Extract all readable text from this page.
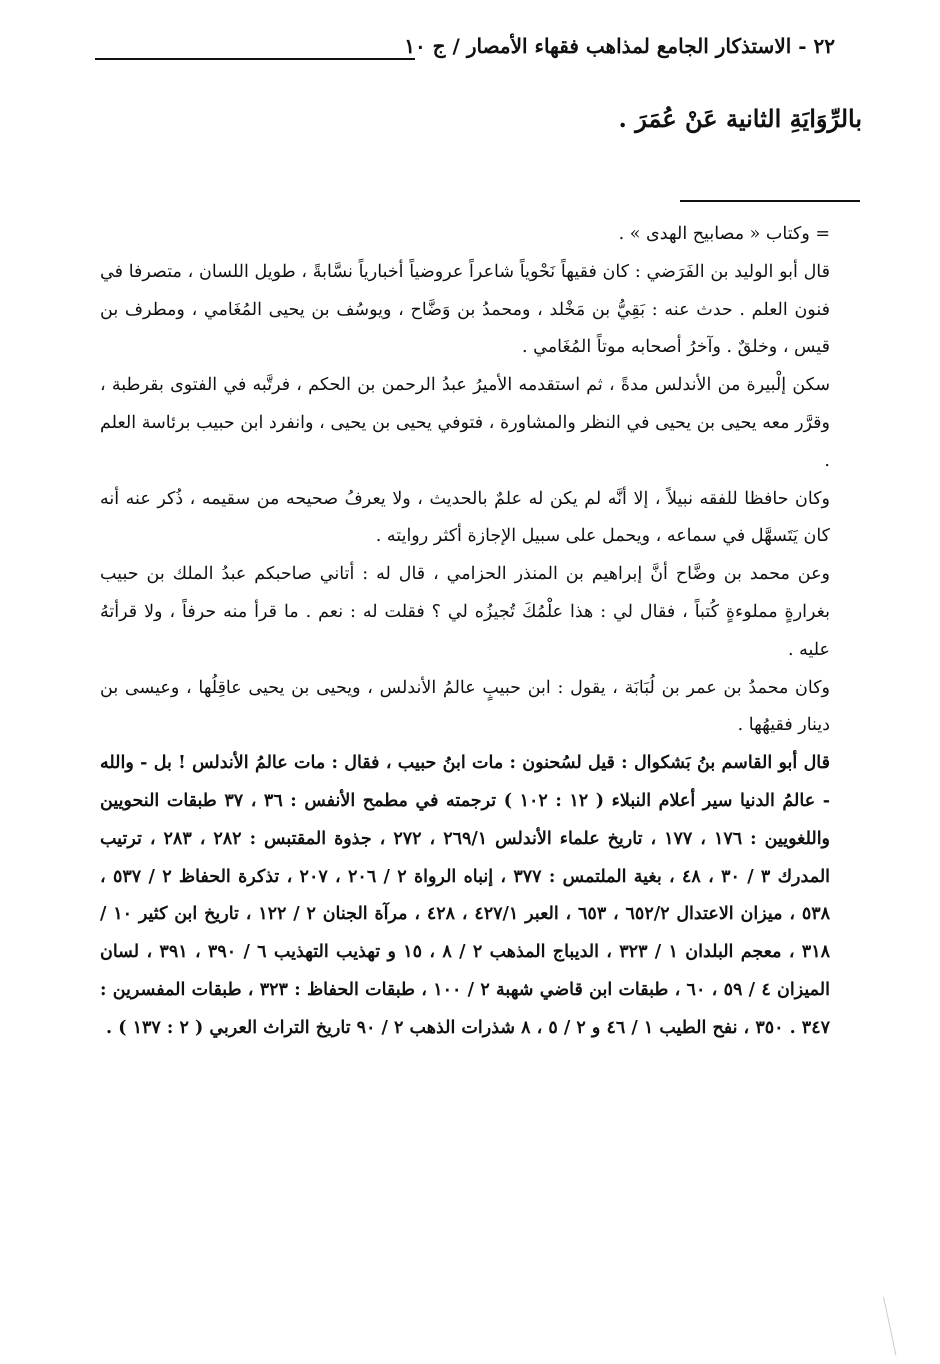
٢٢ - الاستذكار الجامع لمذاهب فقهاء الأمصار / ج ١٠
بالرِّوَايَةِ الثانية عَنْ عُمَرَ .

= وكتاب « مصابيح الهدى » .

قال أبو الوليد بن الفَرَضي : كان فقيهاً نَحْوياً شاعراً عروضياً أخبارياً نسَّابةً ، طويل اللسان ، متصرفا في فنون العلم . حدث عنه : بَقِيُّ بن مَخْلد ، ومحمدُ بن وَضَّاح ، ويوسُف بن يحيى المُغَامي ، ومطرف بن قيس ، وخلقٌ . وآخرُ أصحابه موتاً المُغَامي .

سكن إلْبيرة من الأندلس مدةً ، ثم استقدمه الأميرُ عبدُ الرحمن بن الحكم ، فرتَّبه في الفتوى بقرطبة ، وقرَّر معه يحيى بن يحيى في النظر والمشاورة ، فتوفي يحيى بن يحيى ، وانفرد ابن حبيب برئاسة العلم .

وكان حافظا للفقه نبيلاً ، إلا أنَّه لم يكن له علمٌ بالحديث ، ولا يعرفُ صحيحه من سقيمه ، ذُكر عنه أنه كان يَتَسهَّل في سماعه ، ويحمل على سبيل الإجازة أكثر روايته .

وعن محمد بن وضَّاح أنَّ إبراهيم بن المنذر الحزامي ، قال له : أتاني صاحبكم عبدُ الملك بن حبيب بغرارةٍ مملوءةٍ كُتباً ، فقال لي : هذا علْمُكَ تُجيزُه لي ؟ فقلت له : نعم . ما قرأ منه حرفاً ، ولا قرأتهُ عليه .

وكان محمدُ بن عمر بن لُبَابَة ، يقول : ابن حبيبٍ عالمُ الأندلس ، ويحيى بن يحيى عاقِلُها ، وعيسى بن دينار فقيهُها .

قال أبو القاسم بنُ بَشكوال : قيل لسُحنون : مات ابنُ حبيب ، فقال : مات عالمُ الأندلس ! بل - والله - عالمُ الدنيا سير أعلام النبلاء ( ١٢ : ١٠٢ ) ترجمته في مطمح الأنفس : ٣٦ ، ٣٧ طبقات النحويين واللغويين : ١٧٦ ، ١٧٧ ، تاريخ علماء الأندلس ٢٦٩/١ ، ٢٧٢ ، جذوة المقتبس : ٢٨٢ ، ٢٨٣ ، ترتيب المدرك ٣ / ٣٠ ، ٤٨ ، بغية الملتمس : ٣٧٧ ، إنباه الرواة ٢ / ٢٠٦ ، ٢٠٧ ، تذكرة الحفاظ ٢ / ٥٣٧ ، ٥٣٨ ، ميزان الاعتدال ٦٥٢/٢ ، ٦٥٣ ، العبر ٤٢٧/١ ، ٤٢٨ ، مرآة الجنان ٢ / ١٢٢ ، تاريخ ابن كثير ١٠ / ٣١٨ ، معجم البلدان ١ / ٣٢٣ ، الديباج المذهب ٢ / ٨ ، ١٥ و تهذيب التهذيب ٦ / ٣٩٠ ، ٣٩١ ، لسان الميزان ٤ / ٥٩ ، ٦٠ ، طبقات ابن قاضي شهبة ٢ / ١٠٠ ، طبقات الحفاظ : ٣٢٣ ، طبقات المفسرين : ٣٤٧ . ٣٥٠ ، نفح الطيب ١ / ٤٦ و ٢ / ٥ ، ٨ شذرات الذهب ٢ / ٩٠ تاريخ التراث العربي ( ٢ : ١٣٧ ) .
